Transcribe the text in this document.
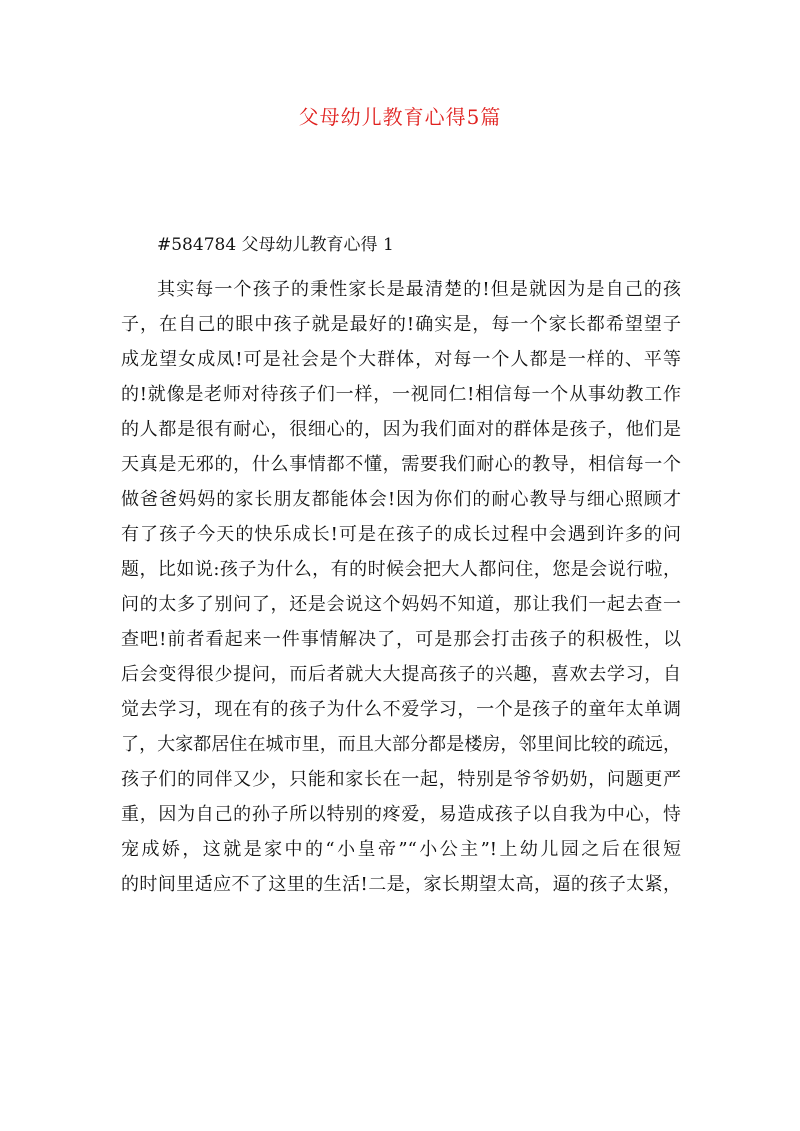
父母幼儿教育心得5篇
#584784 父母幼儿教育心得 1
其实每一个孩子的秉性家长是最清楚的!但是就因为是自己的孩
子，在自己的眼中孩子就是最好的!确实是，每一个家长都希望望子
成龙望女成凤!可是社会是个大群体，对每一个人都是一样的、平等
的!就像是老师对待孩子们一样，一视同仁!相信每一个从事幼教工作
的人都是很有耐心，很细心的，因为我们面对的群体是孩子，他们是
天真是无邪的，什么事情都不懂，需要我们耐心的教导，相信每一个
做爸爸妈妈的家长朋友都能体会!因为你们的耐心教导与细心照顾才
有了孩子今天的快乐成长!可是在孩子的成长过程中会遇到许多的问
题，比如说:孩子为什么，有的时候会把大人都问住，您是会说行啦，
问的太多了别问了，还是会说这个妈妈不知道，那让我们一起去查一
查吧!前者看起来一件事情解决了，可是那会打击孩子的积极性，以
后会变得很少提问，而后者就大大提高孩子的兴趣，喜欢去学习，自
觉去学习，现在有的孩子为什么不爱学习，一个是孩子的童年太单调
了，大家都居住在城市里，而且大部分都是楼房，邻里间比较的疏远，
孩子们的同伴又少，只能和家长在一起，特别是爷爷奶奶，问题更严
重，因为自己的孙子所以特别的疼爱，易造成孩子以自我为中心，恃
宠成娇，这就是家中的“小皇帝”“小公主”!上幼儿园之后在很短
的时间里适应不了这里的生活!二是，家长期望太高，逼的孩子太紧，
